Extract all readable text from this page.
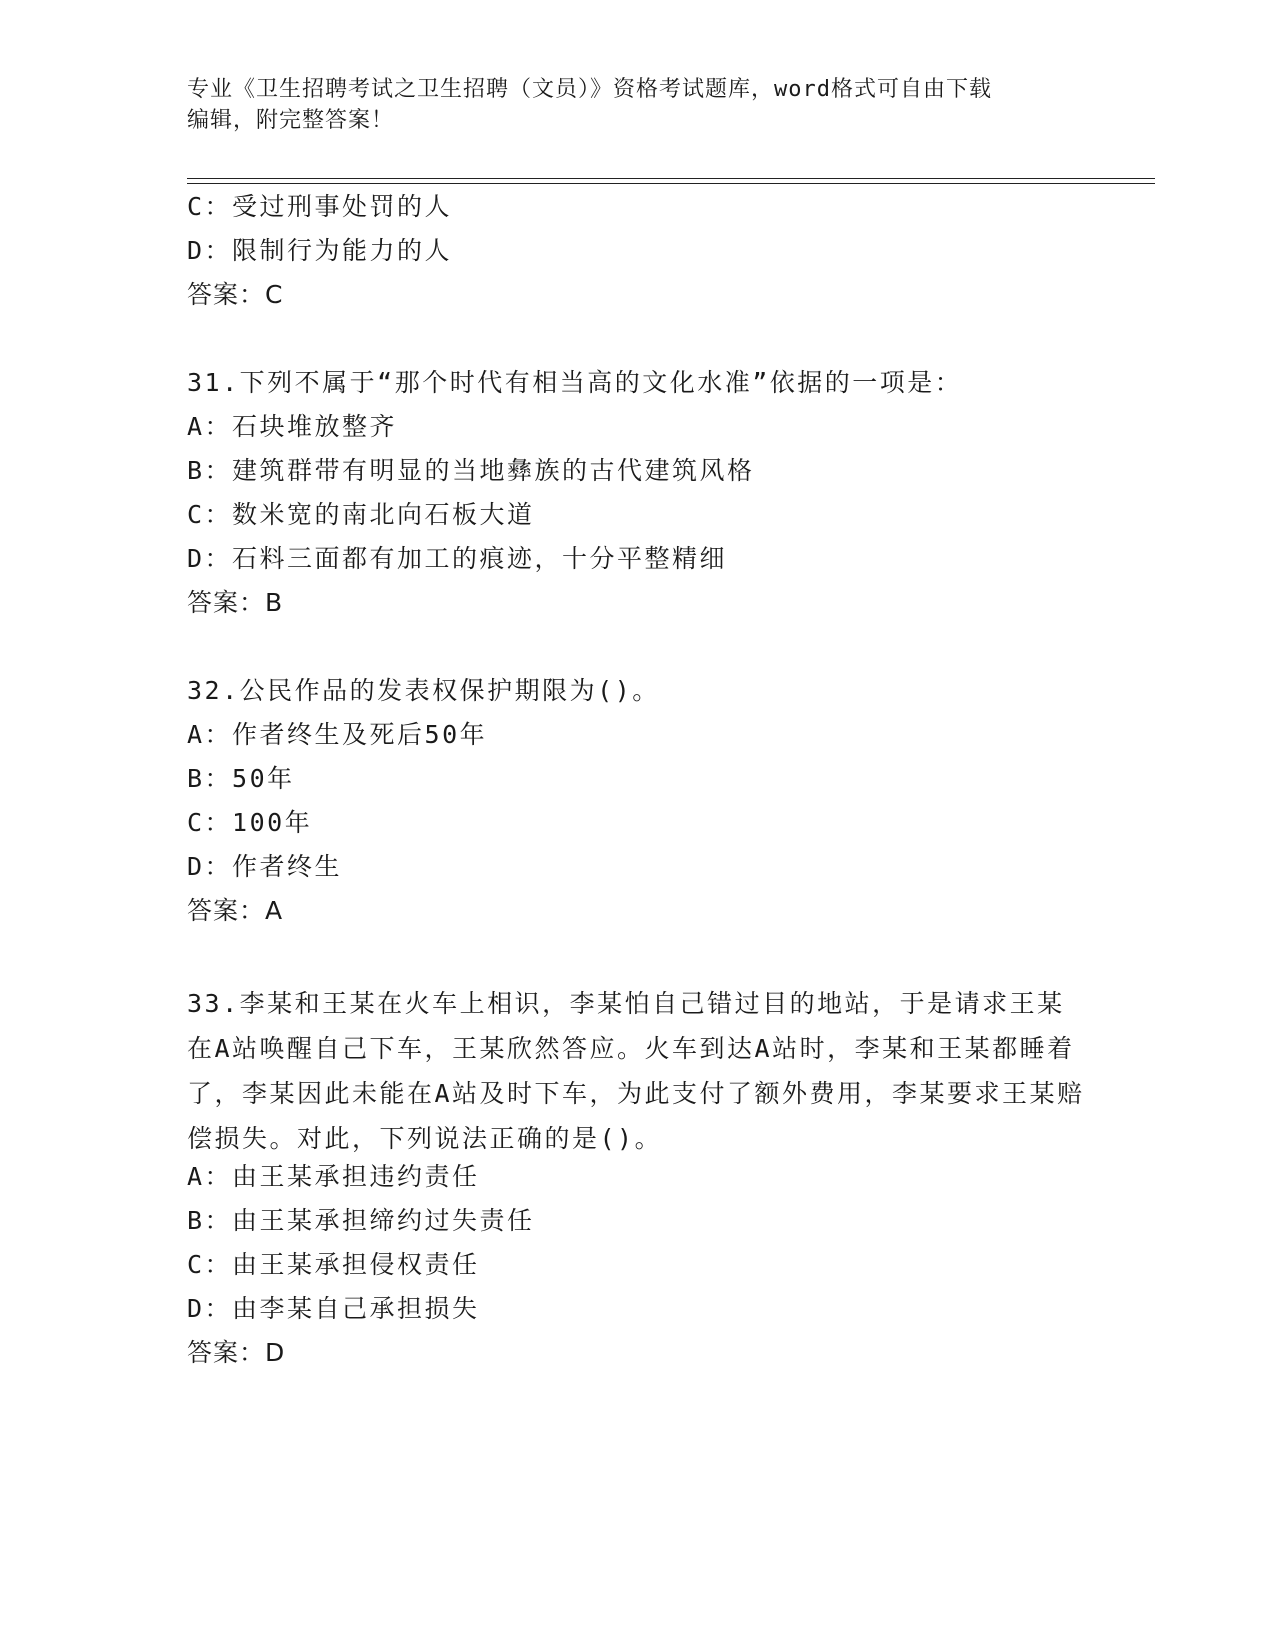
专业《卫生招聘考试之卫生招聘（文员）》资格考试题库，word格式可自由下载
编辑，附完整答案！
C：受过刑事处罚的人
D：限制行为能力的人
答案：C
31.下列不属于“那个时代有相当高的文化水准”依据的一项是：
A：石块堆放整齐
B：建筑群带有明显的当地彝族的古代建筑风格
C：数米宽的南北向石板大道
D：石料三面都有加工的痕迹，十分平整精细
答案：B
32.公民作品的发表权保护期限为()。
A：作者终生及死后50年
B：50年
C：100年
D：作者终生
答案：A
33.李某和王某在火车上相识，李某怕自己错过目的地站，于是请求王某在A站唤醒自己下车，王某欣然答应。火车到达A站时，李某和王某都睡着了，李某因此未能在A站及时下车，为此支付了额外费用，李某要求王某赔偿损失。对此，下列说法正确的是()。
A：由王某承担违约责任
B：由王某承担缔约过失责任
C：由王某承担侵权责任
D：由李某自己承担损失
答案：D
